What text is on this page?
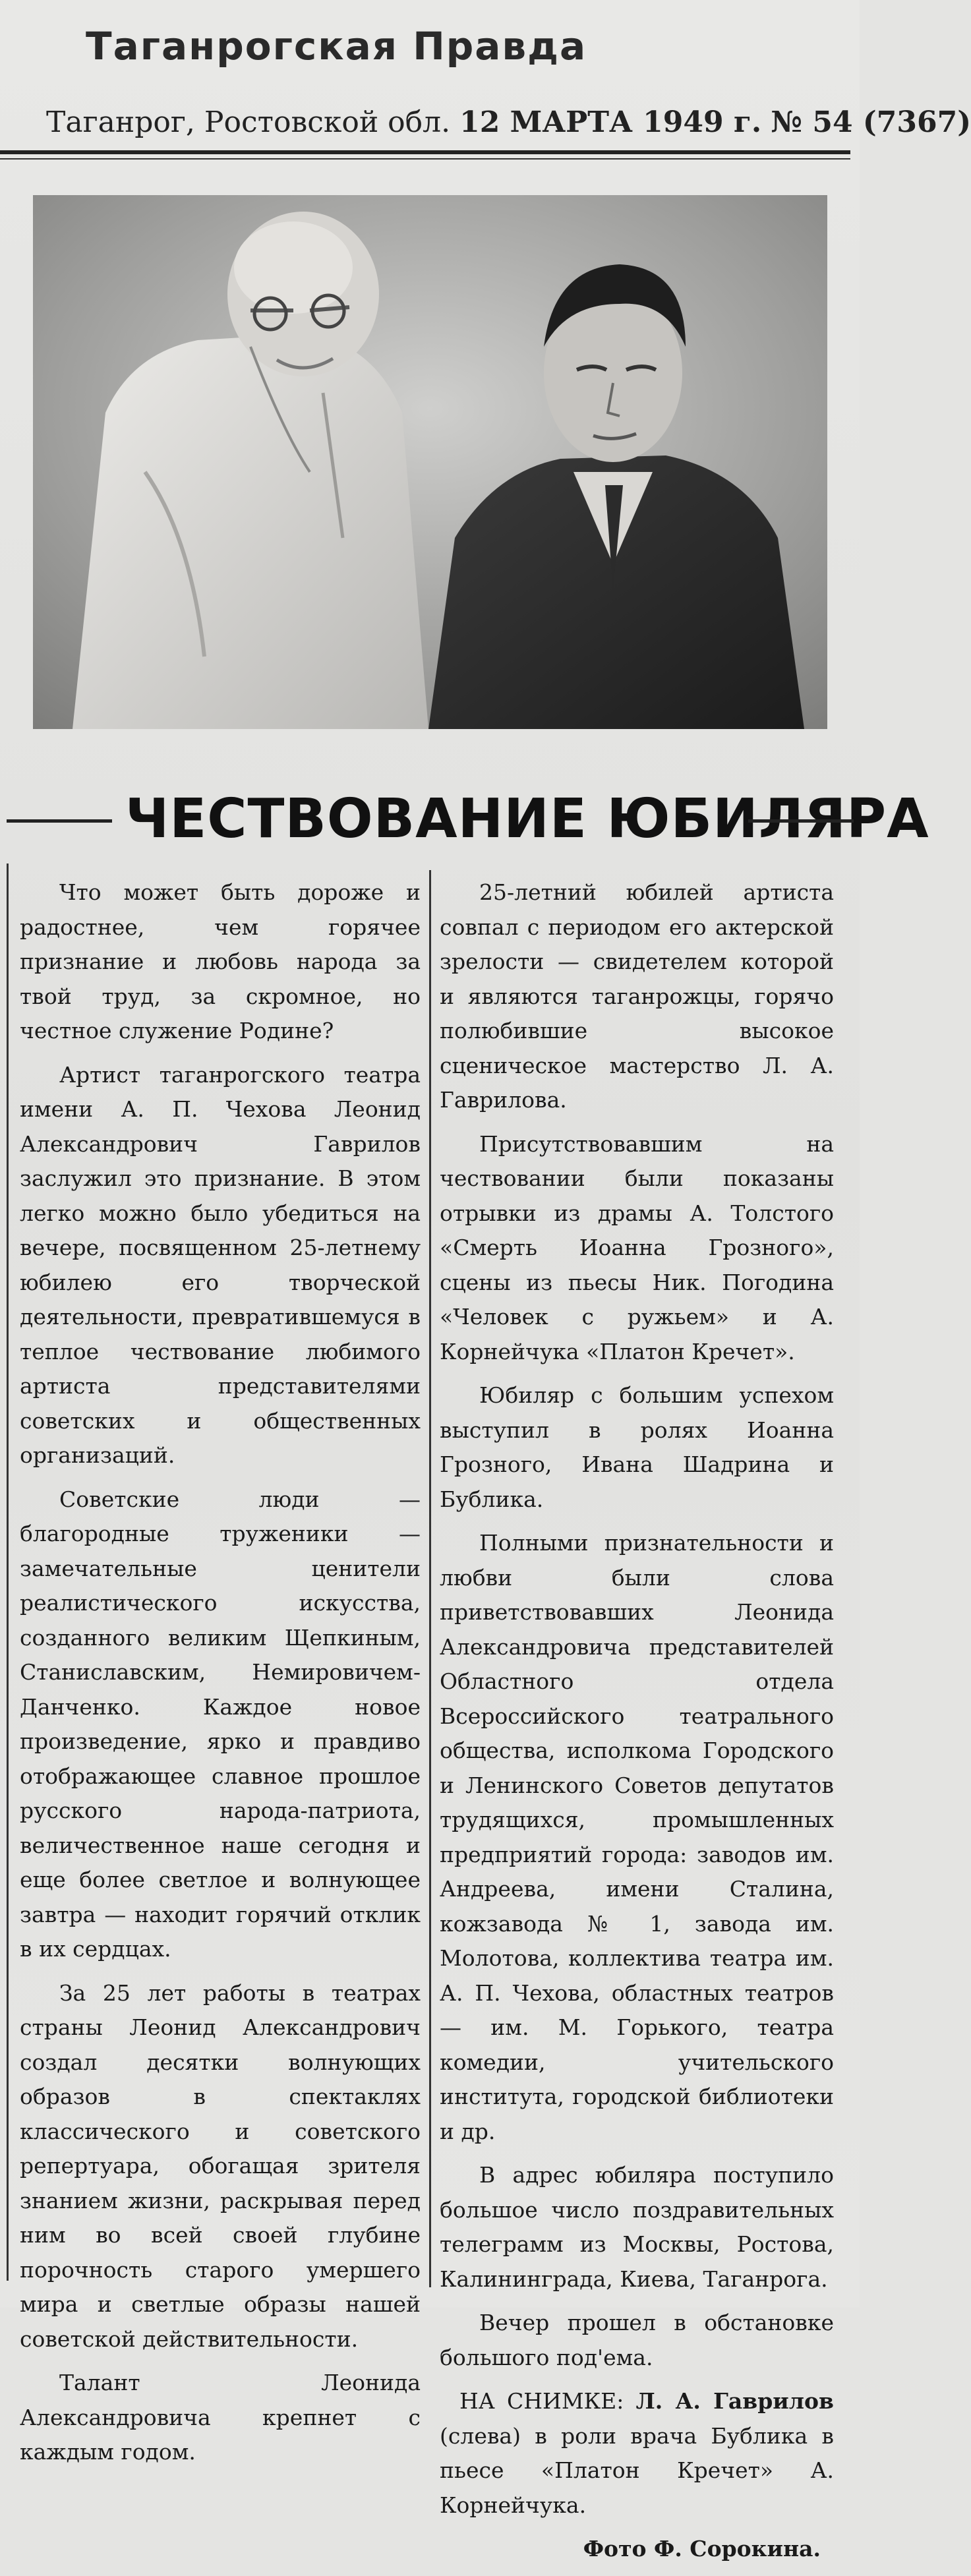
Таганрогская Правда
Таганрог, Ростовской обл. 12 МАРТА 1949 г. № 54 (7367)
ЧЕСТВОВАНИЕ ЮБИЛЯРА

Что может быть дороже и радостнее, чем горячее признание и любовь народа за твой труд, за скромное, но честное служение Родине?

Артист таганрогского театра имени А. П. Чехова Леонид Александрович Гаврилов заслужил это признание. В этом легко можно было убедиться на вечере, посвященном 25-летнему юбилею его творческой деятельности, превратившемуся в теплое чествование любимого артиста представителями советских и общественных организаций.

Советские люди — благородные труженики — замечательные ценители реалистического искусства, созданного великим Щепкиным, Станиславским, Немировичем-Данченко. Каждое новое произведение, ярко и правдиво отображающее славное прошлое русского народа-патриота, величественное наше сегодня и еще более светлое и волнующее завтра — находит горячий отклик в их сердцах.

За 25 лет работы в театрах страны Леонид Александрович создал десятки волнующих образов в спектаклях классического и советского репертуара, обогащая зрителя знанием жизни, раскрывая перед ним во всей своей глубине порочность старого умершего мира и светлые образы нашей советской действительности.

Талант Леонида Александровича крепнет с каждым годом.

25-летний юбилей артиста совпал с периодом его актерской зрелости — свидетелем которой и являются таганрожцы, горячо полюбившие высокое сценическое мастерство Л. А. Гаврилова.

Присутствовавшим на чествовании были показаны отрывки из драмы А. Толстого «Смерть Иоанна Грозного», сцены из пьесы Ник. Погодина «Человек с ружьем» и А. Корнейчука «Платон Кречет».

Юбиляр с большим успехом выступил в ролях Иоанна Грозного, Ивана Шадрина и Бублика.

Полными признательности и любви были слова приветствовавших Леонида Александровича представителей Областного отдела Всероссийского театрального общества, исполкома Городского и Ленинского Советов депутатов трудящихся, промышленных предприятий города: заводов им. Андреева, имени Сталина, кожзавода № 1, завода им. Молотова, коллектива театра им. А. П. Чехова, областных театров — им. М. Горького, театра комедии, учительского института, городской библиотеки и др.

В адрес юбиляра поступило большое число поздравительных телеграмм из Москвы, Ростова, Калининграда, Киева, Таганрога.

Вечер прошел в обстановке большого под'ема.

НА СНИМКЕ: Л. А. Гаврилов (слева) в роли врача Бублика в пьесе «Платон Кречет» А. Корнейчука.

Фото Ф. Сорокина.
